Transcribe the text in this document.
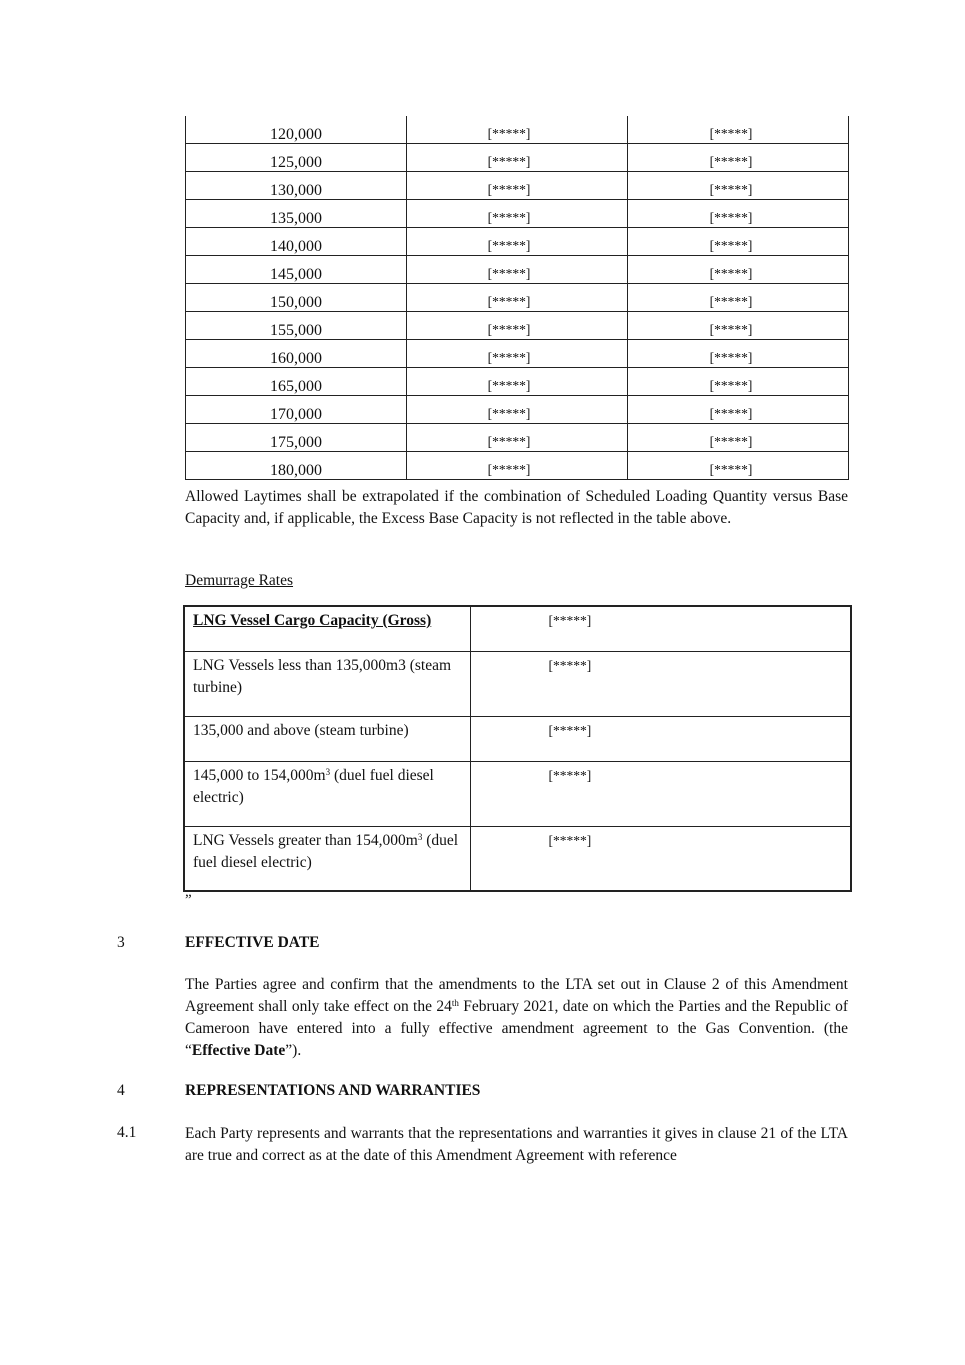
120,000	[*****]	[*****]
125,000	[*****]	[*****]
130,000	[*****]	[*****]
135,000	[*****]	[*****]
140,000	[*****]	[*****]
145,000	[*****]	[*****]
150,000	[*****]	[*****]
155,000	[*****]	[*****]
160,000	[*****]	[*****]
165,000	[*****]	[*****]
170,000	[*****]	[*****]
175,000	[*****]	[*****]
180,000	[*****]	[*****]
Allowed Laytimes shall be extrapolated if the combination of Scheduled Loading Quantity versus Base Capacity and, if applicable, the Excess Base Capacity is not reflected in the table above.
Demurrage Rates
LNG Vessel Cargo Capacity (Gross)	[*****]
LNG Vessels less than 135,000m3 (steam turbine)	[*****]
135,000 and above (steam turbine)	[*****]
145,000 to $154,000m^3$ (duel fuel diesel electric)	[*****]
LNG Vessels greater than $154,000m^3$ (duel fuel diesel electric)	[*****]
”
3	EFFECTIVE DATE
The Parties agree and confirm that the amendments to the LTA set out in Clause 2 of this Amendment Agreement shall only take effect on the 24th February 2021, date on which the Parties and the Republic of Cameroon have entered into a fully effective amendment agreement to the Gas Convention. (the “Effective Date”).
4	REPRESENTATIONS AND WARRANTIES
4.1	Each Party represents and warrants that the representations and warranties it gives in clause 21 of the LTA are true and correct as at the date of this Amendment Agreement with reference
